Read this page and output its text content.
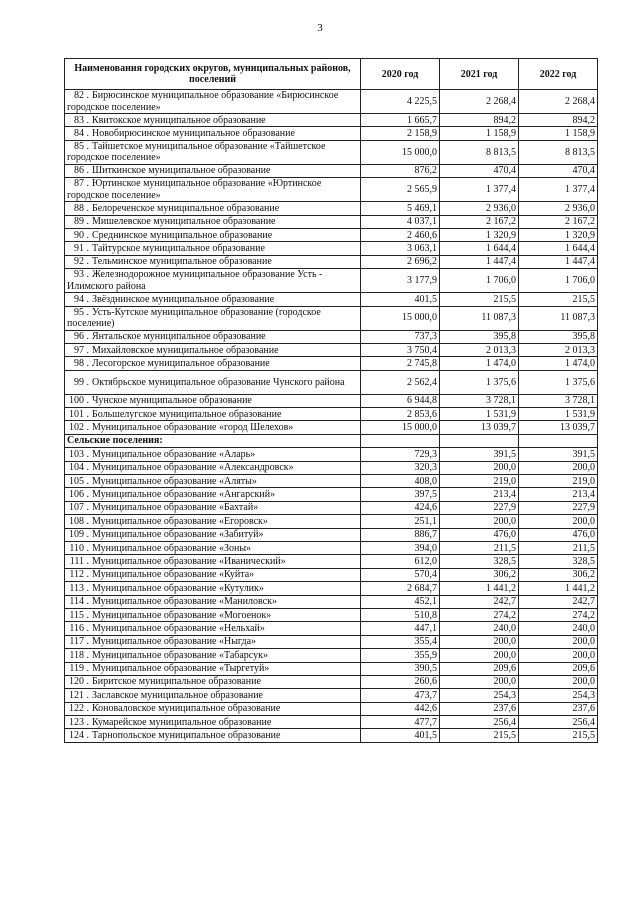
3
Наименования городских округов, муниципальных районов, поселений	2020 год	2021 год	2022 год
82 . Бирюсинское муниципальное образование «Бирюсинское городское поселение»	4 225,5	2 268,4	2 268,4
83 . Квитокское муниципальное образование	1 665,7	894,2	894,2
84 . Новобирюсинское муниципальное образование	2 158,9	1 158,9	1 158,9
85 . Тайшетское муниципальное образование «Тайшетское городское поселение»	15 000,0	8 813,5	8 813,5
86 . Шиткинское муниципальное образование	876,2	470,4	470,4
87 . Юртинское муниципальное образование «Юртинское городское поселение»	2 565,9	1 377,4	1 377,4
88 . Белореченское муниципальное образование	5 469,1	2 936,0	2 936,0
89 . Мишелевское муниципальное образование	4 037,1	2 167,2	2 167,2
90 . Среднинское муниципальное образование	2 460,6	1 320,9	1 320,9
91 . Тайтурское муниципальное образование	3 063,1	1 644,4	1 644,4
92 . Тельминское муниципальное образование	2 696,2	1 447,4	1 447,4
93 . Железнодорожное муниципальное образование Усть - Илимского района	3 177,9	1 706,0	1 706,0
94 . Звёзднинское муниципальное образование	401,5	215,5	215,5
95 . Усть-Кутское муниципальное образование (городское поселение)	15 000,0	11 087,3	11 087,3
96 . Янтальское муниципальное образование	737,3	395,8	395,8
97 . Михайловское муниципальное образование	3 750,4	2 013,3	2 013,3
98 . Лесогорское муниципальное образование	2 745,8	1 474,0	1 474,0
99 . Октябрьское муниципальное образование Чунского района	2 562,4	1 375,6	1 375,6
100 . Чунское муниципальное образование	6 944,8	3 728,1	3 728,1
101 . Большелугское муниципальное образование	2 853,6	1 531,9	1 531,9
102 . Муниципальное образование «город Шелехов»	15 000,0	13 039,7	13 039,7
Сельские поселения:			
103 . Муниципальное образование «Аларь»	729,3	391,5	391,5
104 . Муниципальное образование «Александровск»	320,3	200,0	200,0
105 . Муниципальное образование «Аляты»	408,0	219,0	219,0
106 . Муниципальное образование «Ангарский»	397,5	213,4	213,4
107 . Муниципальное образование «Бахтай»	424,6	227,9	227,9
108 . Муниципальное образование «Егоровск»	251,1	200,0	200,0
109 . Муниципальное образование «Забитуй»	886,7	476,0	476,0
110 . Муниципальное образование «Зоны»	394,0	211,5	211,5
111 . Муниципальное образование «Иванический»	612,0	328,5	328,5
112 . Муниципальное образование «Куйта»	570,4	306,2	306,2
113 . Муниципальное образование «Кутулик»	2 684,7	1 441,2	1 441,2
114 . Муниципальное образование «Маниловск»	452,1	242,7	242,7
115 . Муниципальное образование «Могоенок»	510,8	274,2	274,2
116 . Муниципальное образование «Нельхай»	447,1	240,0	240,0
117 . Муниципальное образование «Ныгда»	355,4	200,0	200,0
118 . Муниципальное образование «Табарсук»	355,9	200,0	200,0
119 . Муниципальное образование «Тыргетуй»	390,5	209,6	209,6
120 . Биритское муниципальное образование	260,6	200,0	200,0
121 . Заславское муниципальное образование	473,7	254,3	254,3
122 . Коноваловское муниципальное образование	442,6	237,6	237,6
123 . Кумарейское муниципальное образование	477,7	256,4	256,4
124 . Тарнопольское муниципальное образование	401,5	215,5	215,5
